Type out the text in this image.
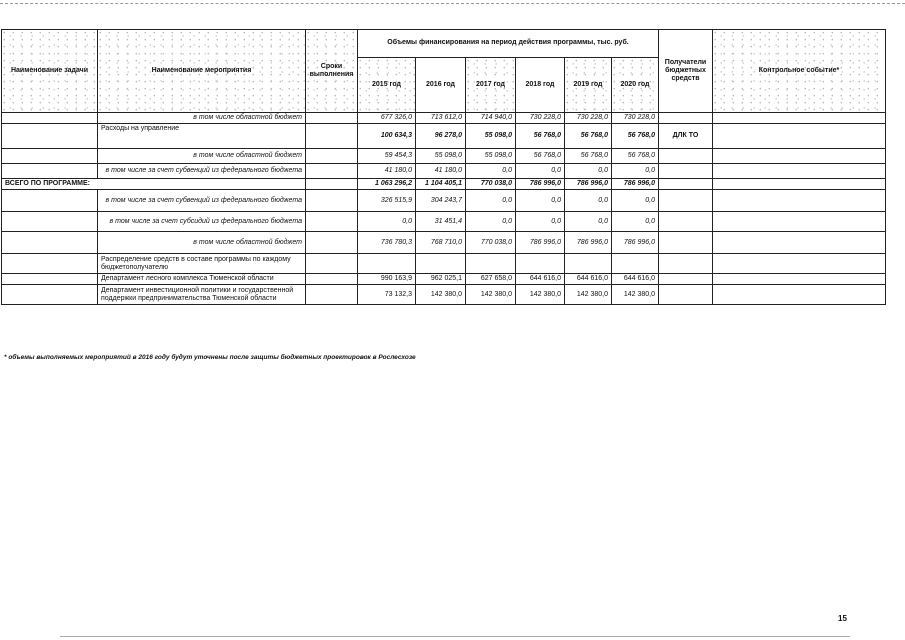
Наименование задачи	Наименование мероприятия	Сроки выполнения	Объемы финансирования на период действия программы, тыс. руб.						Получатели бюджетных средств	Контрольное событие*
			2015 год	2016 год	2017 год	2018 год	2019 год	2020 год		
	в том числе областной бюджет		677 326,0	713 612,0	714 940,0	730 228,0	730 228,0	730 228,0		
	Расходы на управление		100 634,3	96 278,0	55 098,0	56 768,0	56 768,0	56 768,0	ДЛК ТО	
	в том числе областной бюджет		59 454,3	55 098,0	55 098,0	56 768,0	56 768,0	56 768,0		
	в том числе за счет субвенций из федерального бюджета		41 180,0	41 180,0	0,0	0,0	0,0	0,0		
ВСЕГО ПО ПРОГРАММЕ:			1 063 296,2	1 104 405,1	770 038,0	786 996,0	786 996,0	786 996,0		
	в том числе за счет субвенций из федерального бюджета		326 515,9	304 243,7	0,0	0,0	0,0	0,0		
	в том числе за счет субсидий из федерального бюджета		0,0	31 451,4	0,0	0,0	0,0	0,0		
	в том числе областной бюджет		736 780,3	768 710,0	770 038,0	786 996,0	786 996,0	786 996,0		
	Распределение средств в составе программы по каждому бюджетополучателю									
	Департамент лесного комплекса Тюменской области		990 163,9	962 025,1	627 658,0	644 616,0	644 616,0	644 616,0		
	Департамент инвестиционной политики и государственной поддержки предпринимательства Тюменской области		73 132,3	142 380,0	142 380,0	142 380,0	142 380,0	142 380,0		
* объемы выполняемых мероприятий в 2016 году будут уточнены после защиты бюджетных проектировок в Рослесхозе
15
